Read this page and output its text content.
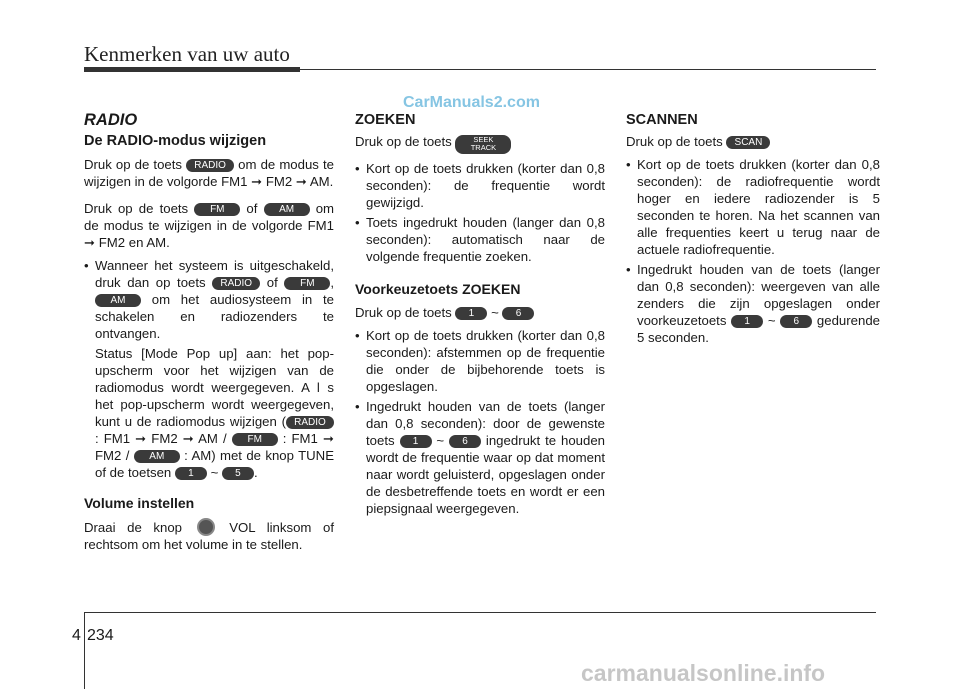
Kenmerken van uw auto
CarManuals2.com
RADIO
De RADIO-modus wijzigen

Druk op de toets RADIO om de modus te wijzigen in de volgorde FM1 ➞ FM2 ➞ AM.

Druk op de toets FM of AM om de modus te wijzigen in de volgorde FM1 ➞ FM2 en AM.

• Wanneer het systeem is uitgeschakeld, druk dan op toets RADIO of FM , AM om het audiosysteem in te schakelen en radiozenders te ontvangen.
Status [Mode Pop up] aan: het pop-upscherm voor het wijzigen van de radiomodus wordt weergegeven. A l s het pop-upscherm wordt weergegeven, kunt u de radiomodus wijzigen ( RADIO : FM1 ➞ FM2 ➞ AM / FM : FM1 ➞ FM2 / AM : AM) met de knop TUNE of de toetsen 1 ~ 5 .
Volume instellen

Draai de knop  VOL linksom of rechtsom om het volume in te stellen.

ZOEKEN

Druk op de toets SEEK
TRACK

• Kort op de toets drukken (korter dan 0,8 seconden): de frequentie wordt gewijzigd.
• Toets ingedrukt houden (langer dan 0,8 seconden): automatisch naar de volgende frequentie zoeken.
Voorkeuzetoets ZOEKEN

Druk op de toets 1 ~ 6

• Kort op de toets drukken (korter dan 0,8 seconden): afstemmen op de frequentie die onder de bijbehorende toets is opgeslagen.
• Ingedrukt houden van de toets (langer dan 0,8 seconden): door de gewenste toets 1 ~ 6 ingedrukt te houden wordt de frequentie waar op dat moment naar wordt geluisterd, opgeslagen onder de desbetreffende toets en wordt er een piepsignaal weergegeven.
SCANNEN

Druk op de toets SCAN

• Kort op de toets drukken (korter dan 0,8 seconden): de radiofrequentie wordt hoger en iedere radiozender is 5 seconden te horen. Na het scannen van alle frequenties keert u terug naar de actuele radiofrequentie.
• Ingedrukt houden van de toets (langer dan 0,8 seconden): weergeven van alle zenders die zijn opgeslagen onder voorkeuzetoets 1 ~ 6 gedurende 5 seconden.
4 234
carmanualsonline.info
